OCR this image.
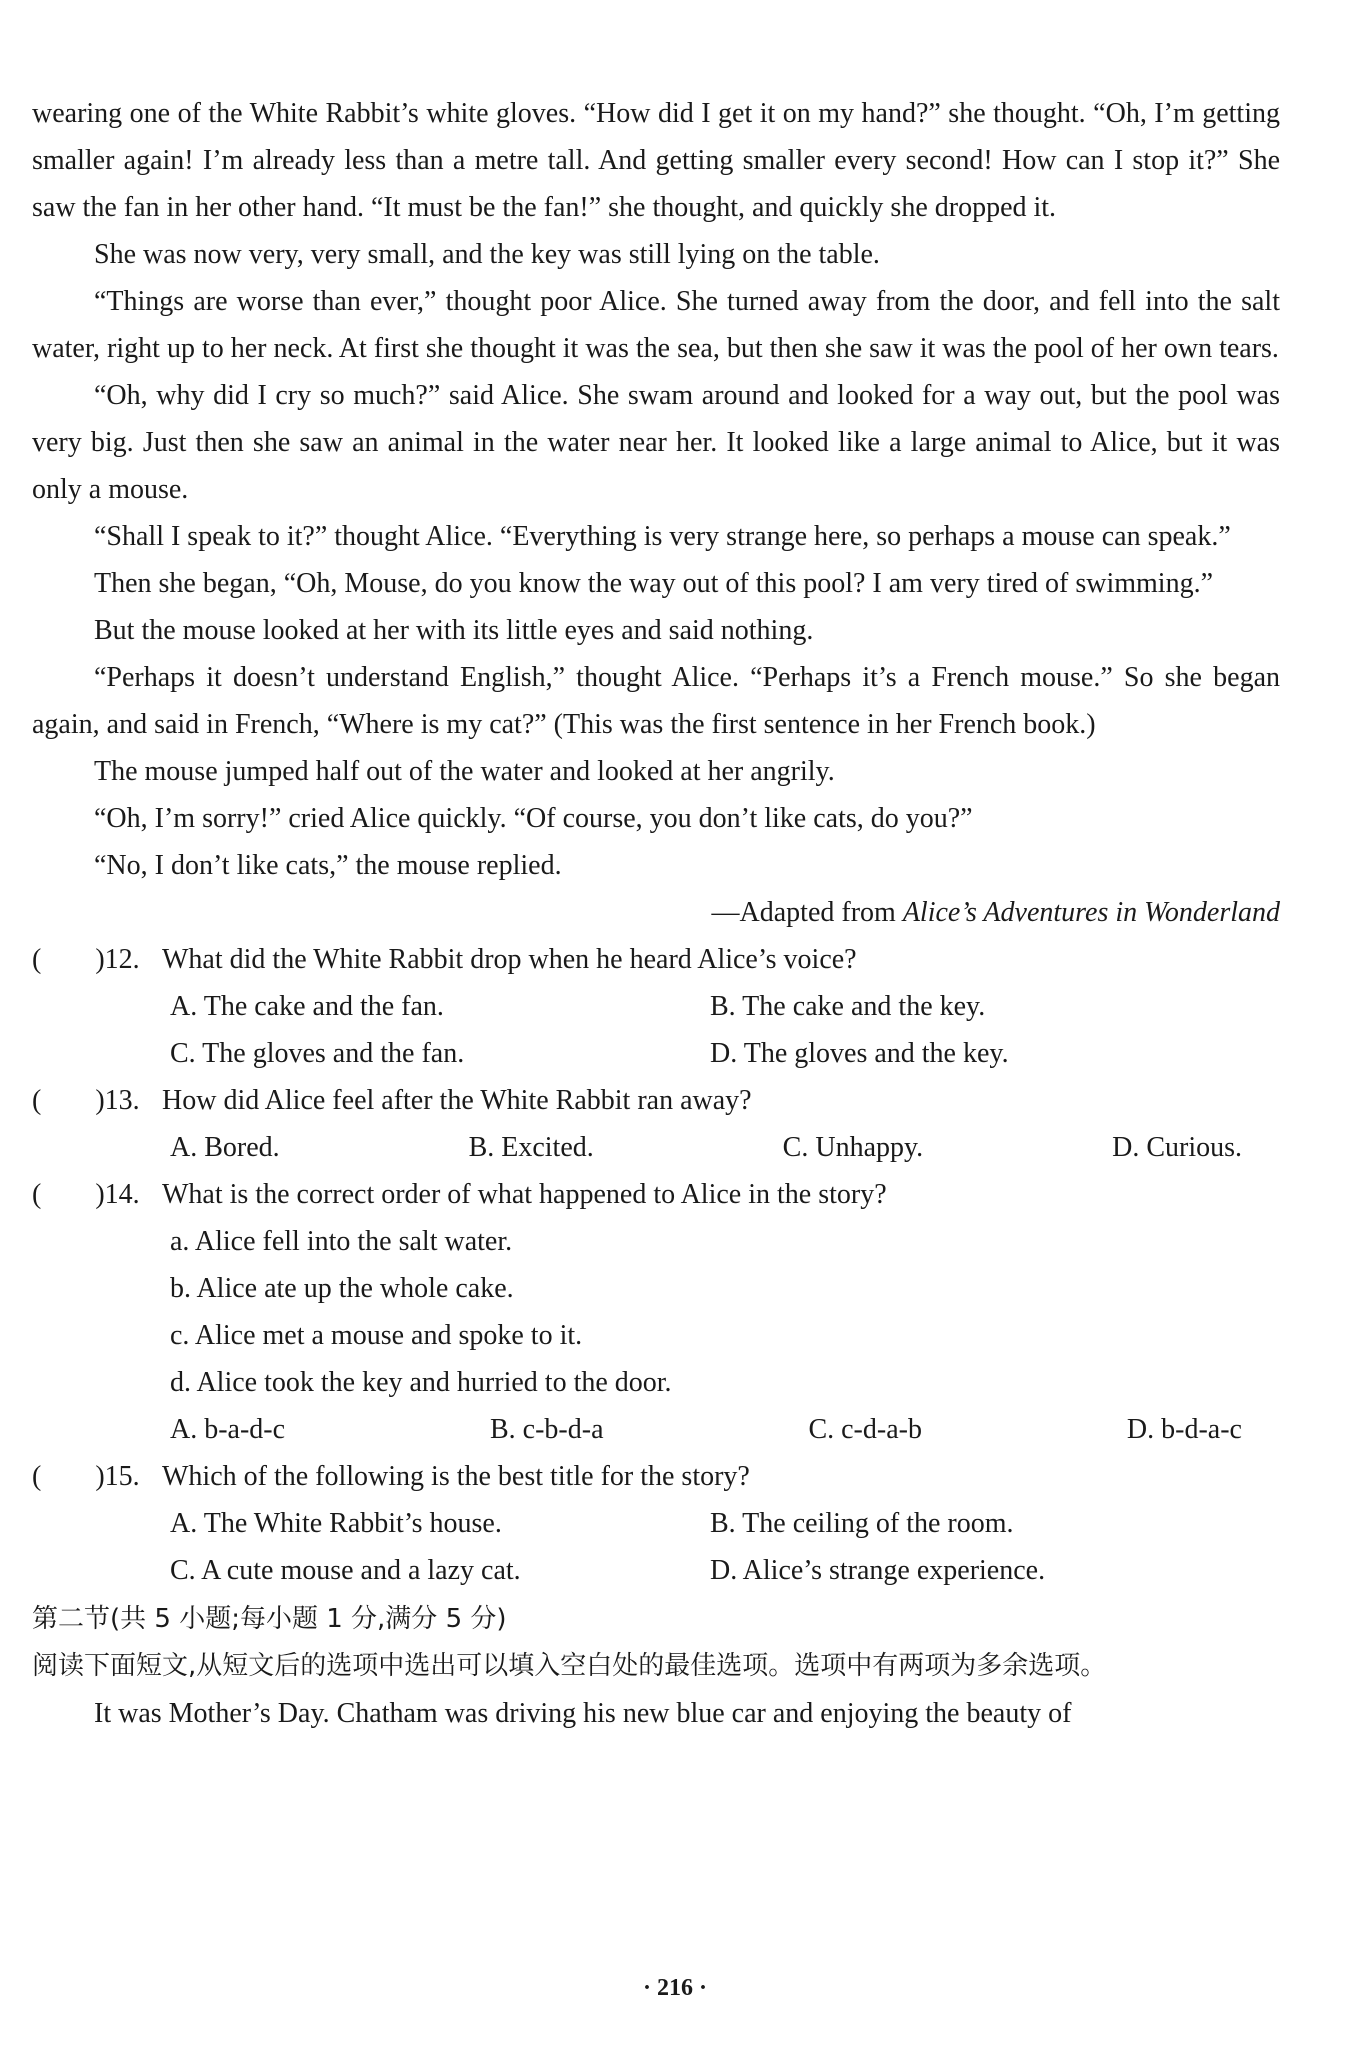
wearing one of the White Rabbit’s white gloves. “How did I get it on my hand?” she thought. “Oh, I’m getting smaller again! I’m already less than a metre tall. And getting smaller every second! How can I stop it?” She saw the fan in her other hand. “It must be the fan!” she thought, and quickly she dropped it.

She was now very, very small, and the key was still lying on the table.

“Things are worse than ever,” thought poor Alice. She turned away from the door, and fell into the salt water, right up to her neck. At first she thought it was the sea, but then she saw it was the pool of her own tears.

“Oh, why did I cry so much?” said Alice. She swam around and looked for a way out, but the pool was very big. Just then she saw an animal in the water near her. It looked like a large animal to Alice, but it was only a mouse.

“Shall I speak to it?” thought Alice. “Everything is very strange here, so perhaps a mouse can speak.”

Then she began, “Oh, Mouse, do you know the way out of this pool? I am very tired of swimming.”

But the mouse looked at her with its little eyes and said nothing.

“Perhaps it doesn’t understand English,” thought Alice. “Perhaps it’s a French mouse.” So she began again, and said in French, “Where is my cat?” (This was the first sentence in her French book.)

The mouse jumped half out of the water and looked at her angrily.

“Oh, I’m sorry!” cried Alice quickly. “Of course, you don’t like cats, do you?”

“No, I don’t like cats,” the mouse replied.

—Adapted from Alice’s Adventures in Wonderland
( )12. What did the White Rabbit drop when he heard Alice’s voice?
A. The cake and the fan.	B. The cake and the key.
C. The gloves and the fan.	D. The gloves and the key.
( )13. How did Alice feel after the White Rabbit ran away?
A. Bored.	B. Excited.	C. Unhappy.	D. Curious.
( )14. What is the correct order of what happened to Alice in the story?
a. Alice fell into the salt water.
b. Alice ate up the whole cake.
c. Alice met a mouse and spoke to it.
d. Alice took the key and hurried to the door.
A. b-a-d-c	B. c-b-d-a	C. c-d-a-b	D. b-d-a-c
( )15. Which of the following is the best title for the story?
A. The White Rabbit’s house.	B. The ceiling of the room.
C. A cute mouse and a lazy cat.	D. Alice’s strange experience.
第二节(共 5 小题;每小题 1 分,满分 5 分)
阅读下面短文,从短文后的选项中选出可以填入空白处的最佳选项。选项中有两项为多余选项。

It was Mother’s Day. Chatham was driving his new blue car and enjoying the beauty of

· 216 ·
